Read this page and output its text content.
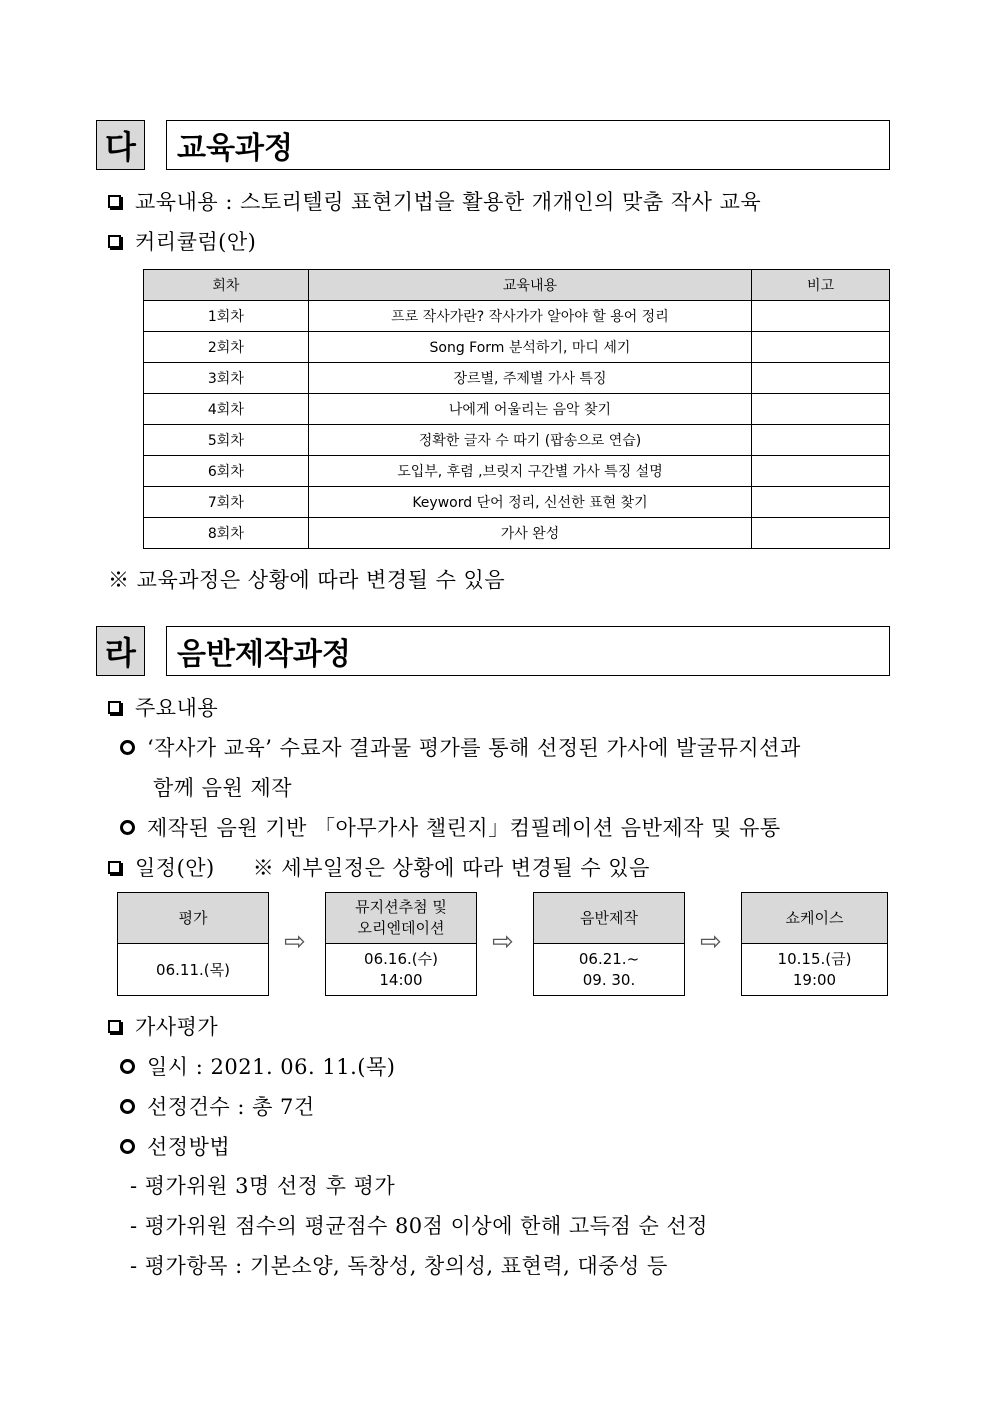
다	교육과정
교육내용 : 스토리텔링 표현기법을 활용한 개개인의 맞춤 작사 교육
커리큘럼(안)
회차	교육내용	비고
1회차	프로 작사가란? 작사가가 알아야 할 용어 정리	
2회차	Song Form 분석하기, 마디 세기	
3회차	장르별, 주제별 가사 특징	
4회차	나에게 어울리는 음악 찾기	
5회차	정확한 글자 수 따기 (팝송으로 연습)	
6회차	도입부, 후렴 ,브릿지 구간별 가사 특징 설명	
7회차	Keyword 단어 정리, 신선한 표현 찾기	
8회차	가사 완성	
※ 교육과정은 상황에 따라 변경될 수 있음
라	음반제작과정
주요내용
‘작사가 교육’ 수료자 결과물 평가를 통해 선정된 가사에 발굴뮤지션과
함께 음원 제작
제작된 음원 기반 「아무가사 챌린지」컴필레이션 음반제작 및 유통
일정(안) ※ 세부일정은 상황에 따라 변경될 수 있음
평가
06.11.(목)
⇨
뮤지션추첨 및
오리엔데이션
06.16.(수)
14:00
⇨
음반제작
06.21.~
09. 30.
⇨
쇼케이스
10.15.(금)
19:00
가사평가
일시 : 2021. 06. 11.(목)
선정건수 : 총 7건
선정방법
- 평가위원 3명 선정 후 평가
- 평가위원 점수의 평균점수 80점 이상에 한해 고득점 순 선정
- 평가항목 : 기본소양, 독창성, 창의성, 표현력, 대중성 등
